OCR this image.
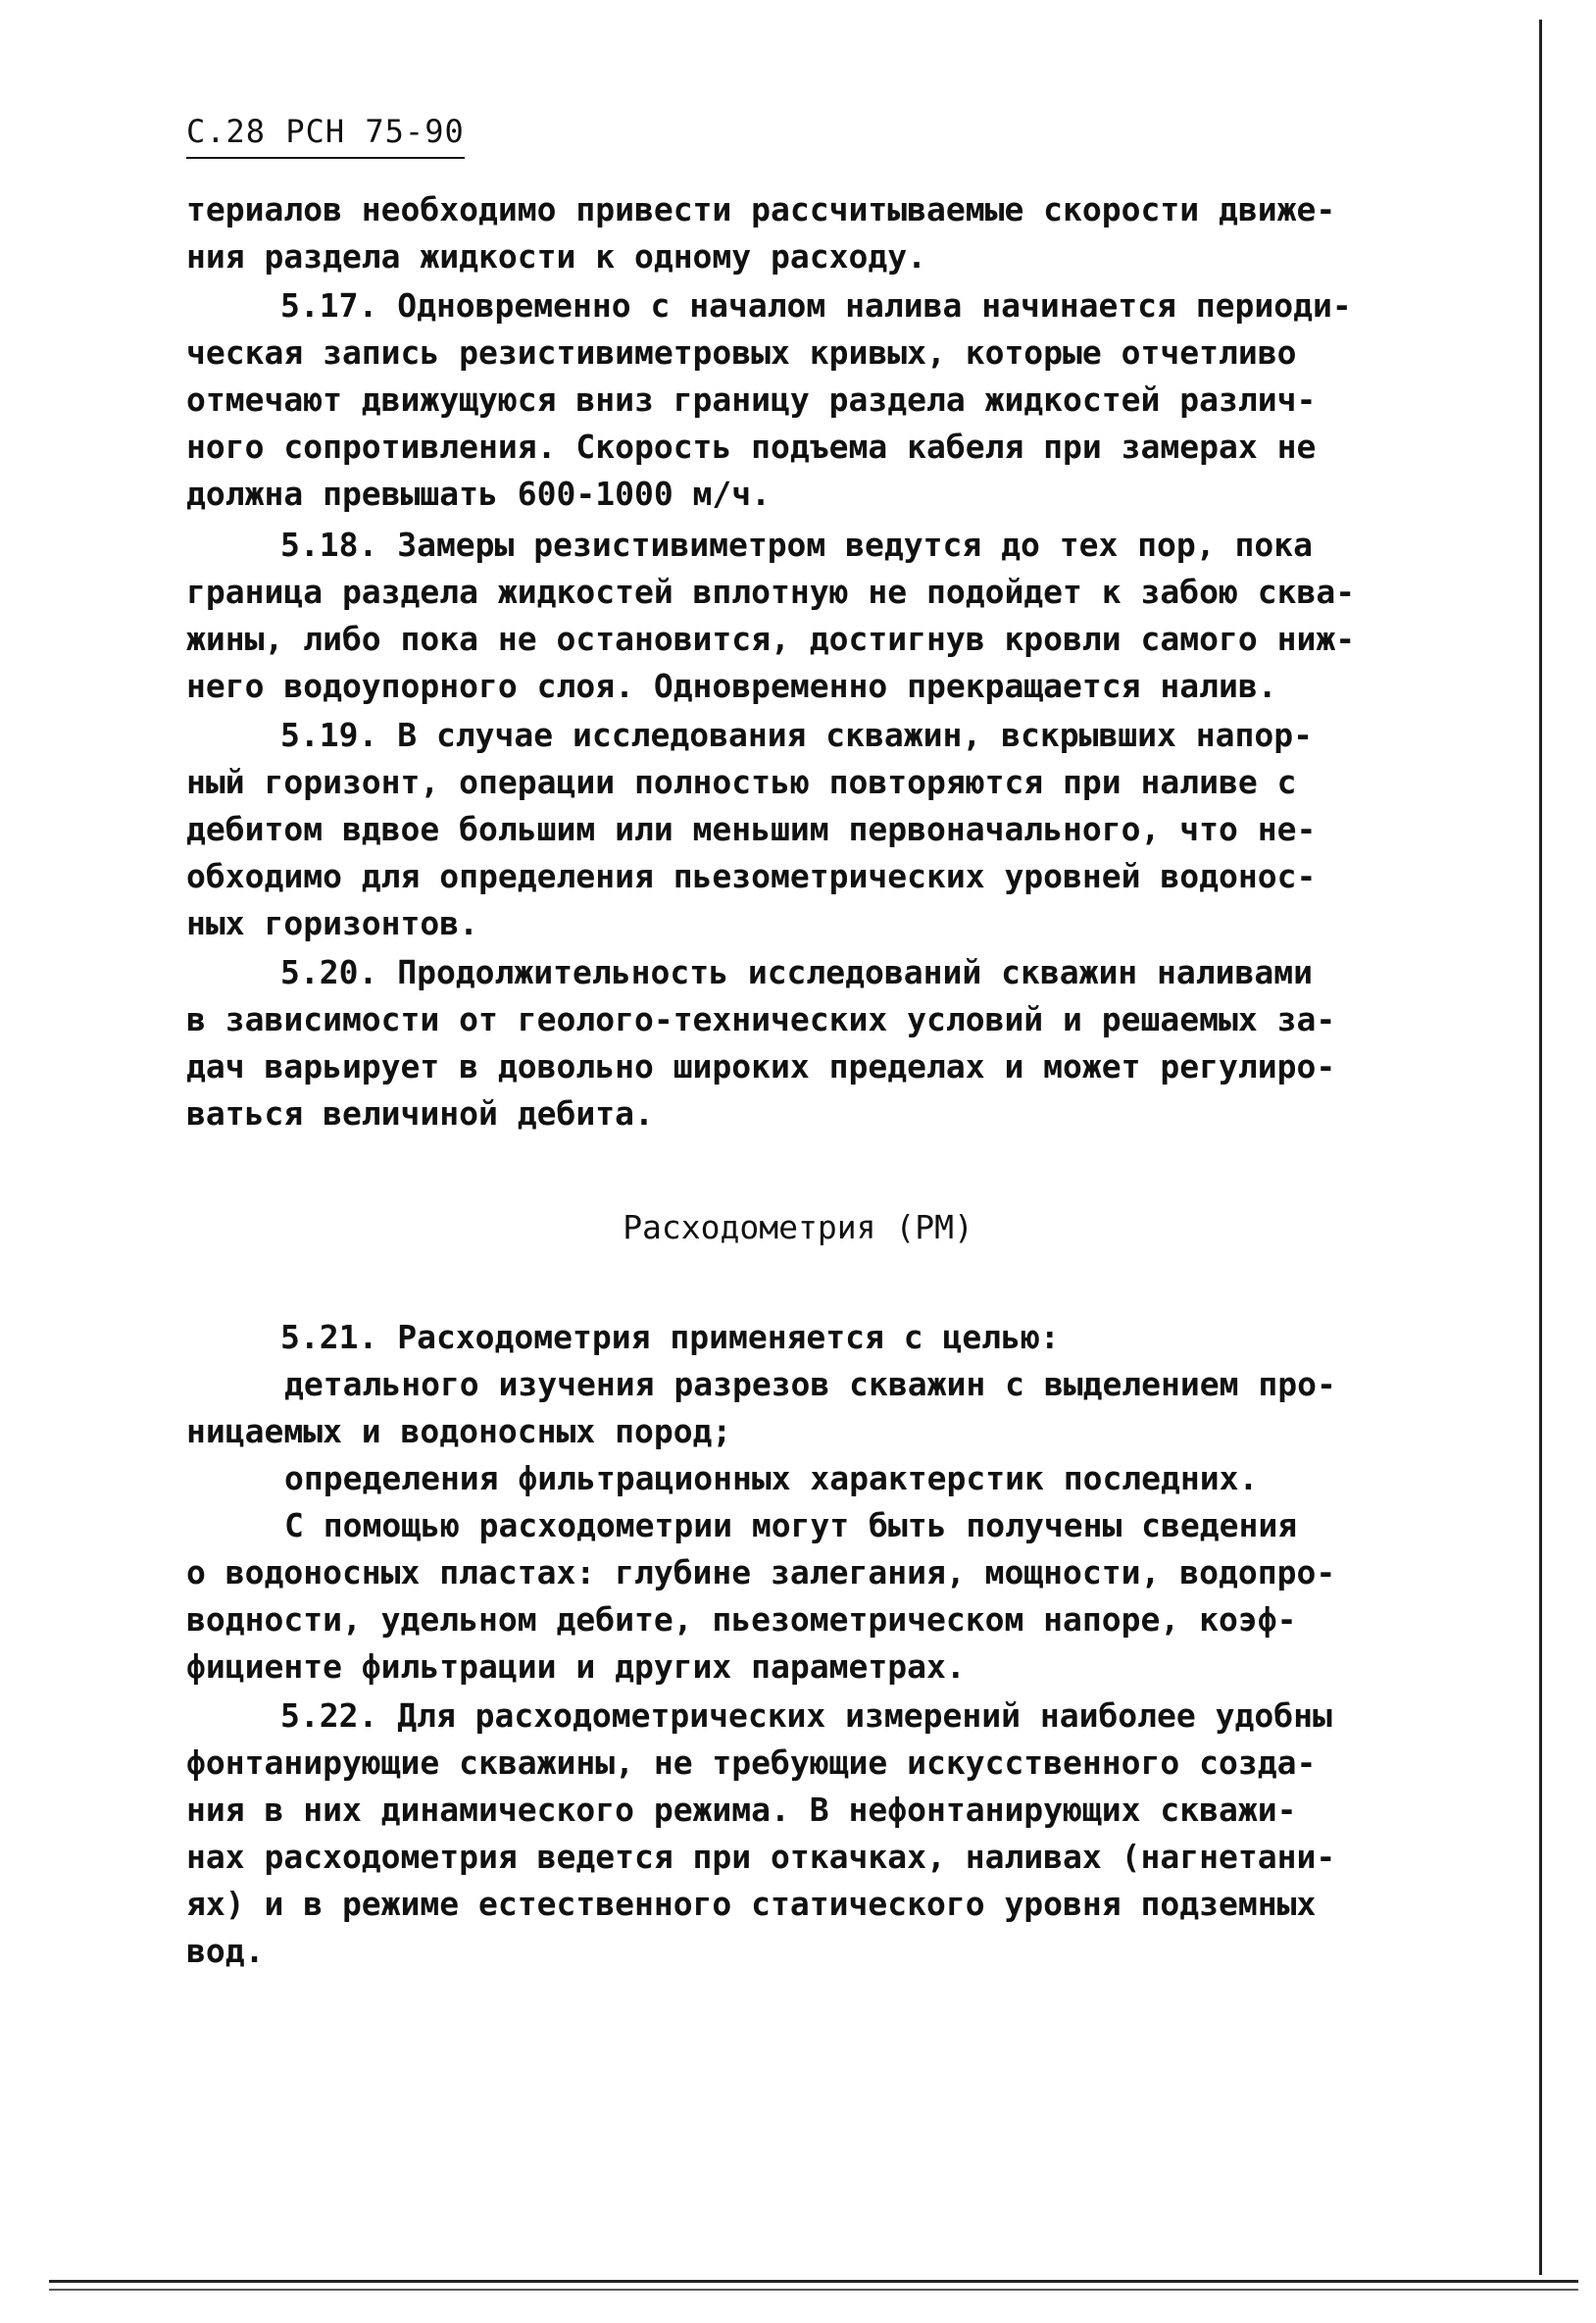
С.28 РСН 75-90
териалов необходимо привести рассчитываемые скорости движе-
ния раздела жидкости к одному расходу.
5.17. Одновременно с началом налива начинается периоди-
ческая запись резистивиметровых кривых, которые отчетливо
отмечают движущуюся вниз границу раздела жидкостей различ-
ного сопротивления. Скорость подъема кабеля при замерах не
должна превышать 600-1000 м/ч.
5.18. Замеры резистивиметром ведутся до тех пор, пока
граница раздела жидкостей вплотную не подойдет к забою сква-
жины, либо пока не остановится, достигнув кровли самого ниж-
него водоупорного слоя. Одновременно прекращается налив.
5.19. В случае исследования скважин, вскрывших напор-
ный горизонт, операции полностью повторяются при наливе с
дебитом вдвое большим или меньшим первоначального, что не-
обходимо для определения пьезометрических уровней водонос-
ных горизонтов.
5.20. Продолжительность исследований скважин наливами
в зависимости от геолого-технических условий и решаемых за-
дач варьирует в довольно широких пределах и может регулиро-
ваться величиной дебита.
Расходометрия (РМ)
5.21. Расходометрия применяется с целью:
детального изучения разрезов скважин с выделением про-
ницаемых и водоносных пород;
определения фильтрационных характерстик последних.
С помощью расходометрии могут быть получены сведения
о водоносных пластах: глубине залегания, мощности, водопро-
водности, удельном дебите, пьезометрическом напоре, коэф-
фициенте фильтрации и других параметрах.
5.22. Для расходометрических измерений наиболее удобны
фонтанирующие скважины, не требующие искусственного созда-
ния в них динамического режима. В нефонтанирующих скважи-
нах расходометрия ведется при откачках, наливах (нагнетани-
ях) и в режиме естественного статического уровня подземных
вод.
